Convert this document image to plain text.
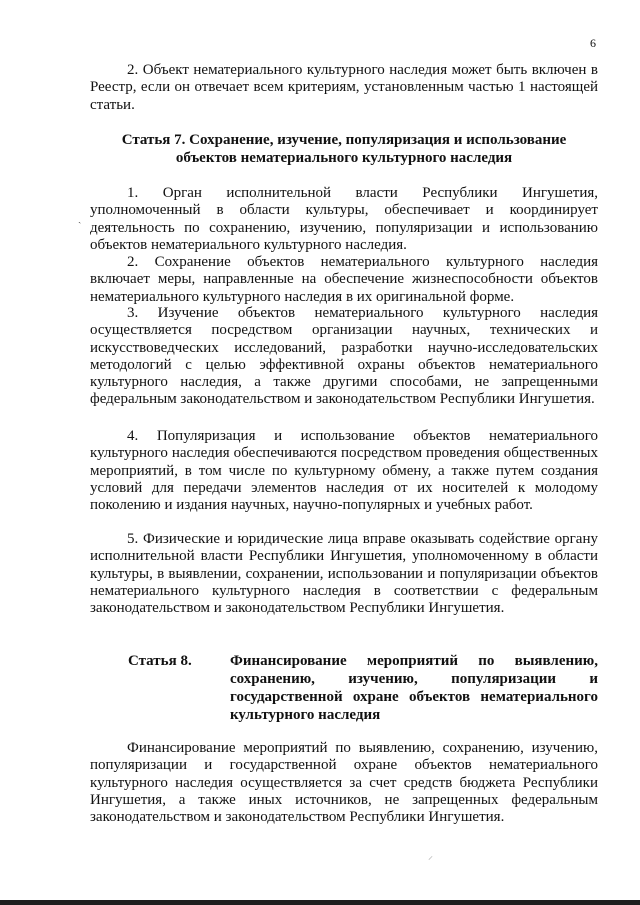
6
2. Объект нематериального культурного наследия может быть включен в Реестр, если он отвечает всем критериям, установленным частью 1 настоящей статьи.
Статья 7. Сохранение, изучение, популяризация и использование объектов нематериального культурного наследия
ˎ
1. Орган исполнительной власти Республики Ингушетия, уполномоченный в области культуры, обеспечивает и координирует деятельность по сохранению, изучению, популяризации и использованию объектов нематериального культурного наследия.
2. Сохранение объектов нематериального культурного наследия включает меры, направленные на обеспечение жизнеспособности объектов нематериального культурного наследия в их оригинальной форме.
3. Изучение объектов нематериального культурного наследия осуществляется посредством организации научных, технических и искусствоведческих исследований, разработки научно-исследовательских методологий с целью эффективной охраны объектов нематериального культурного наследия, а также другими способами, не запрещенными федеральным законодательством и законодательством Республики Ингушетия.
4. Популяризация и использование объектов нематериального культурного наследия обеспечиваются посредством проведения общественных мероприятий, в том числе по культурному обмену, а также путем создания условий для передачи элементов наследия от их носителей к молодому поколению и издания научных, научно-популярных и учебных работ.
5. Физические и юридические лица вправе оказывать содействие органу исполнительной власти Республики Ингушетия, уполномоченному в области культуры, в выявлении, сохранении, использовании и популяризации объектов нематериального культурного наследия в соответствии с федеральным законодательством и законодательством Республики Ингушетия.
Статья 8.	Финансирование мероприятий по выявлению, сохранению, изучению, популяризации и государственной охране объектов нематериального культурного наследия
Финансирование мероприятий по выявлению, сохранению, изучению, популяризации и государственной охране объектов нематериального культурного наследия осуществляется за счет средств бюджета Республики Ингушетия, а также иных источников, не запрещенных федеральным законодательством и законодательством Республики Ингушетия.
⸝
